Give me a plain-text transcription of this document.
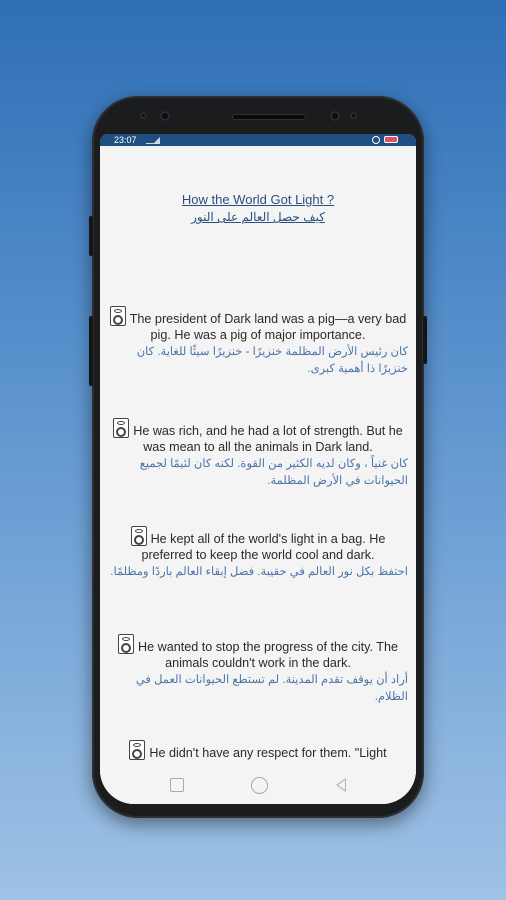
23:07
How the World Got Light ?
كيف حصل العالم على النور

The president of Dark land was a pig—a very bad pig. He was a pig of major importance.

كان رئيس الأرض المظلمة خنزيرًا - خنزيرًا سيئًا للغاية. كان خنزيرًا ذا أهمية كبرى.

He was rich, and he had a lot of strength. But he was mean to all the animals in Dark land.

كان غنياً ، وكان لديه الكثير من القوة. لكنه كان لئيمًا لجميع الحيوانات في الأرض المظلمة.

He kept all of the world's light in a bag. He preferred to keep the world cool and dark.

احتفظ بكل نور العالم في حقيبة. فضل إبقاء العالم باردًا ومظلمًا.

He wanted to stop the progress of the city. The animals couldn't work in the dark.

أراد أن يوقف تقدم المدينة. لم تستطع الحيوانات العمل في الظلام.

He didn't have any respect for them. "Light
